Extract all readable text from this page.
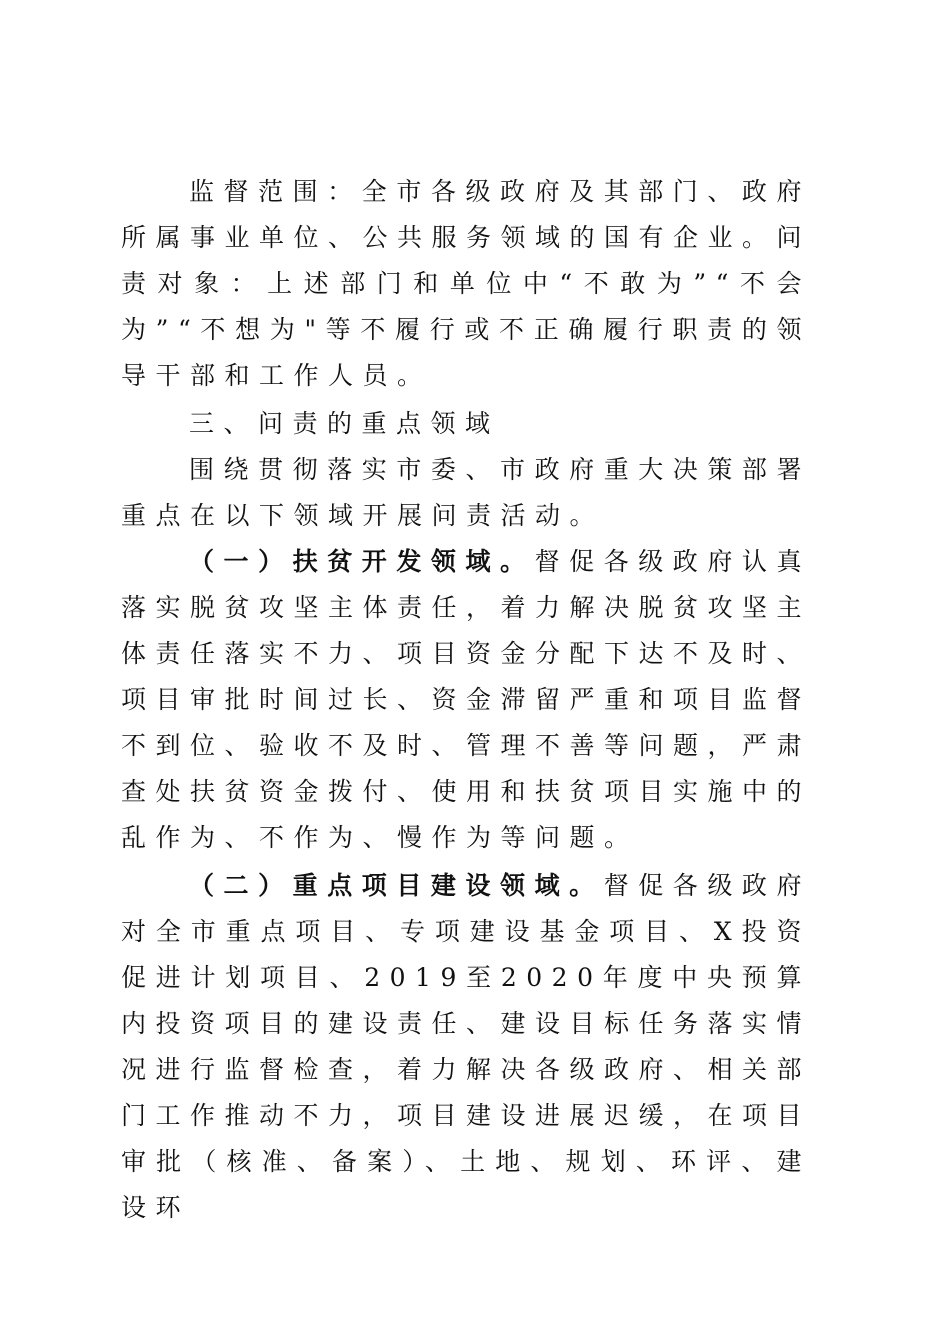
监督范围：全市各级政府及其部门、政府所属事业单位、公共服务领域的国有企业。问责对象：上述部门和单位中“不敢为”“不会为”“不想为"等不履行或不正确履行职责的领导干部和工作人员。

三、问责的重点领域

围绕贯彻落实市委、市政府重大决策部署重点在以下领域开展问责活动。

（一）扶贫开发领域。督促各级政府认真落实脱贫攻坚主体责任，着力解决脱贫攻坚主体责任落实不力、项目资金分配下达不及时、项目审批时间过长、资金滞留严重和项目监督不到位、验收不及时、管理不善等问题，严肃查处扶贫资金拨付、使用和扶贫项目实施中的乱作为、不作为、慢作为等问题。

（二）重点项目建设领域。督促各级政府对全市重点项目、专项建设基金项目、X投资促进计划项目、2019至2020年度中央预算内投资项目的建设责任、建设目标任务落实情况进行监督检查，着力解决各级政府、相关部门工作推动不力，项目建设进展迟缓，在项目审批（核准、备案）、土地、规划、环评、建设环
